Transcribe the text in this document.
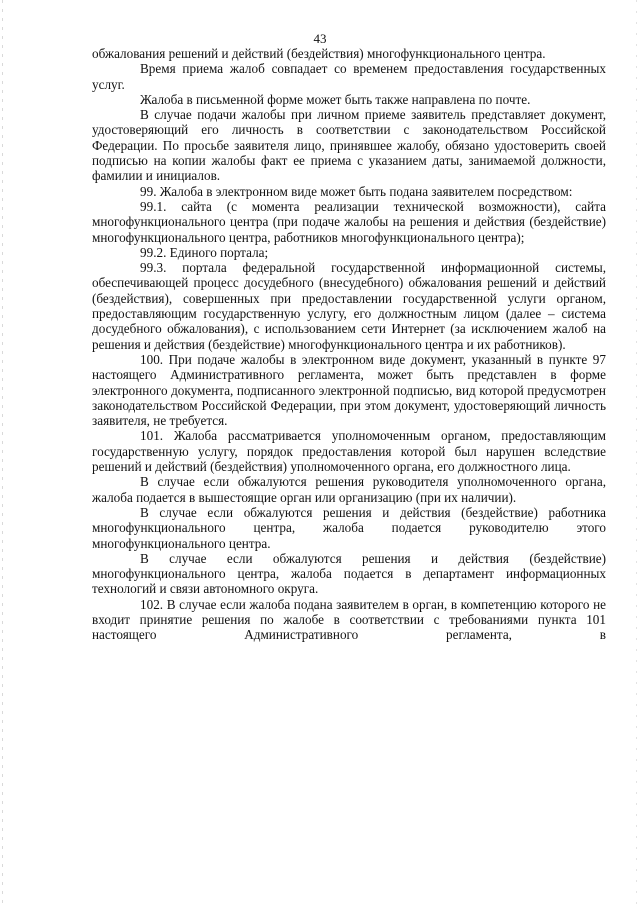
43

обжалования решений и действий (бездействия) многофункционального центра.

Время приема жалоб совпадает со временем предоставления государственных услуг.

Жалоба в письменной форме может быть также направлена по почте.

В случае подачи жалобы при личном приеме заявитель представляет документ, удостоверяющий его личность в соответствии с законодательством Российской Федерации. По просьбе заявителя лицо, принявшее жалобу, обязано удостоверить своей подписью на копии жалобы факт ее приема с указанием даты, занимаемой должности, фамилии и инициалов.

99. Жалоба в электронном виде может быть подана заявителем посредством:

99.1. сайта (с момента реализации технической возможности), сайта многофункционального центра (при подаче жалобы на решения и действия (бездействие) многофункционального центра, работников многофункционального центра);

99.2. Единого портала;

99.3. портала федеральной государственной информационной системы, обеспечивающей процесс досудебного (внесудебного) обжалования решений и действий (бездействия), совершенных при предоставлении государственной услуги органом, предоставляющим государственную услугу, его должностным лицом (далее – система досудебного обжалования), с использованием сети Интернет (за исключением жалоб на решения и действия (бездействие) многофункционального центра и их работников).

100. При подаче жалобы в электронном виде документ, указанный в пункте 97 настоящего Административного регламента, может быть представлен в форме электронного документа, подписанного электронной подписью, вид которой предусмотрен законодательством Российской Федерации, при этом документ, удостоверяющий личность заявителя, не требуется.

101. Жалоба рассматривается уполномоченным органом, предоставляющим государственную услугу, порядок предоставления которой был нарушен вследствие решений и действий (бездействия) уполномоченного органа, его должностного лица.

В случае если обжалуются решения руководителя уполномоченного органа, жалоба подается в вышестоящие орган или организацию (при их наличии).

В случае если обжалуются решения и действия (бездействие) работника многофункционального центра, жалоба подается руководителю этого многофункционального центра.

В случае если обжалуются решения и действия (бездействие) многофункционального центра, жалоба подается в департамент информационных технологий и связи автономного округа.

102. В случае если жалоба подана заявителем в орган, в компетенцию которого не входит принятие решения по жалобе в соответствии с требованиями пункта 101 настоящего Административного регламента, в
